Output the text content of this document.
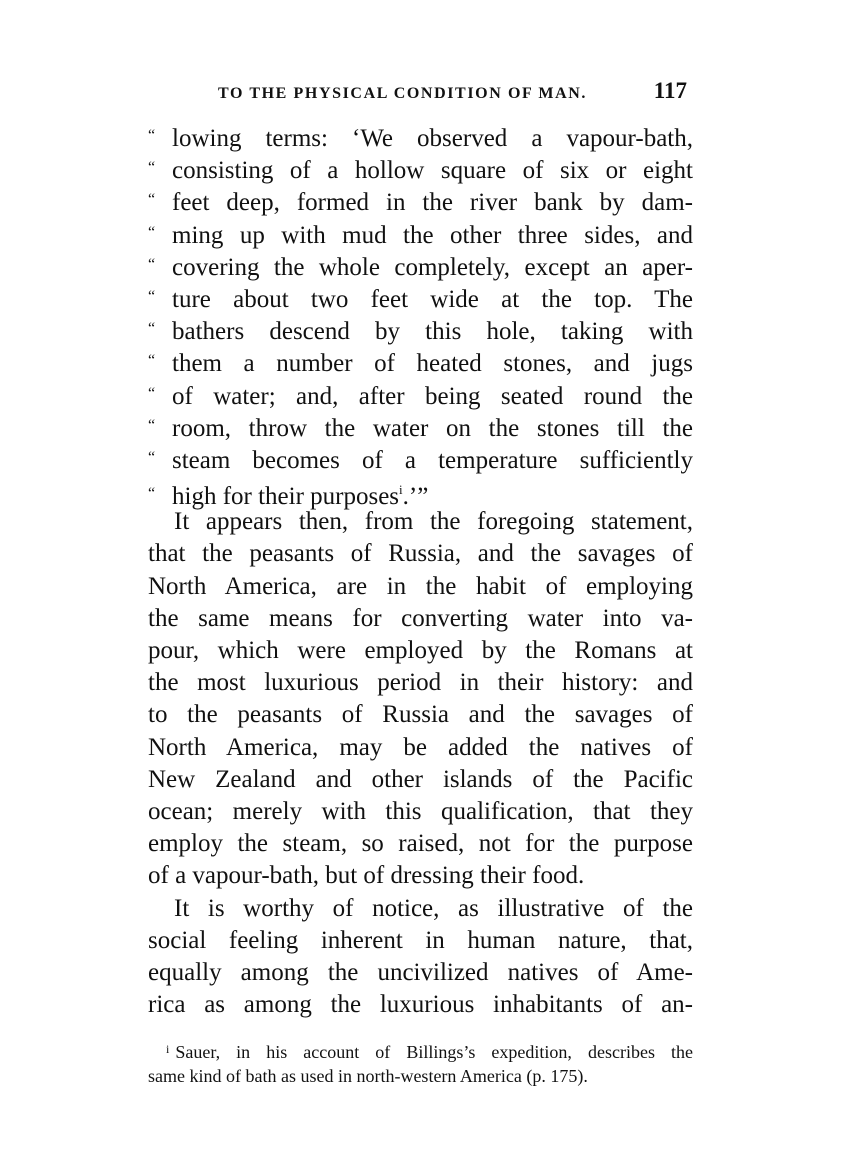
TO THE PHYSICAL CONDITION OF MAN.	117
“ lowing terms: ‘We observed a vapour-bath,
“ consisting of a hollow square of six or eight
“ feet deep, formed in the river bank by dam-
“ ming up with mud the other three sides, and
“ covering the whole completely, except an aper-
“ ture about two feet wide at the top. The
“ bathers descend by this hole, taking with
“ them a number of heated stones, and jugs
“ of water; and, after being seated round the
“ room, throw the water on the stones till the
“ steam becomes of a temperature sufficiently
“ high for their purposes$^i$.’”
It appears then, from the foregoing statement,
that the peasants of Russia, and the savages of
North America, are in the habit of employing
the same means for converting water into va-
pour, which were employed by the Romans at
the most luxurious period in their history: and
to the peasants of Russia and the savages of
North America, may be added the natives of
New Zealand and other islands of the Pacific
ocean; merely with this qualification, that they
employ the steam, so raised, not for the purpose
of a vapour-bath, but of dressing their food.
It is worthy of notice, as illustrative of the
social feeling inherent in human nature, that,
equally among the uncivilized natives of Ame-
rica as among the luxurious inhabitants of an-
$^i$ Sauer, in his account of Billings’s expedition, describes the
same kind of bath as used in north-western America (p. 175).
